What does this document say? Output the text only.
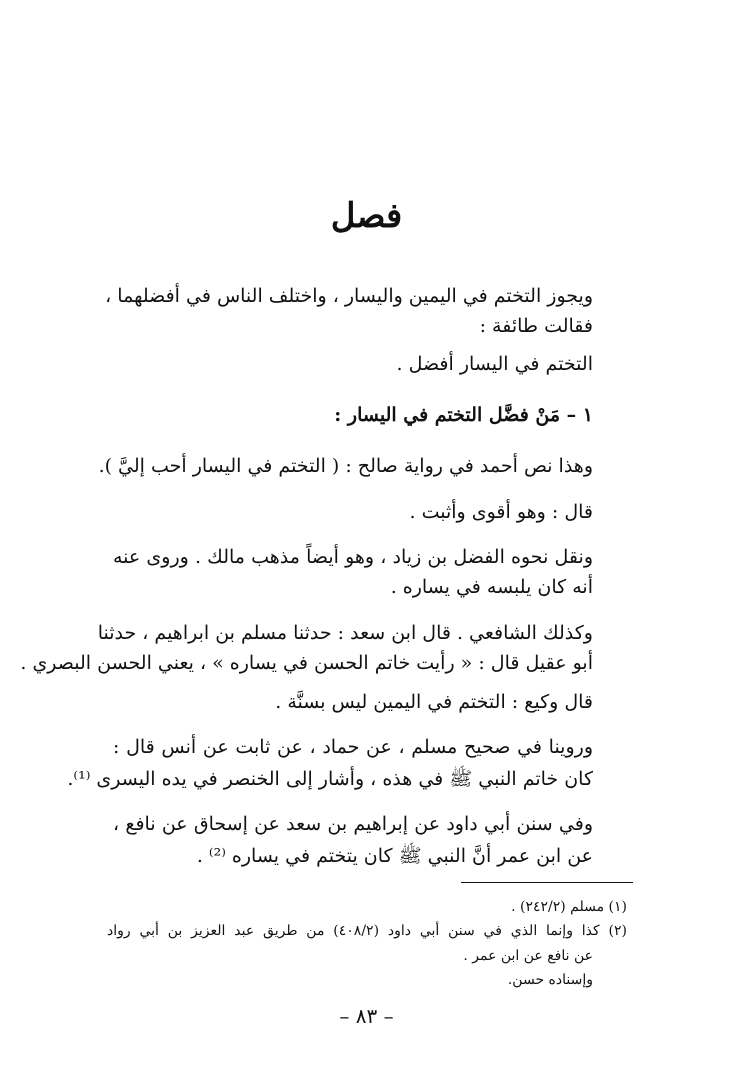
فصل
ويجوز التختم في اليمين واليسار ، واختلف الناس في أفضلهما ،
فقالت طائفة :
التختم في اليسار أفضل .
١ – مَنْ فضَّل التختم في اليسار :
وهذا نص أحمد في رواية صالح : ( التختم في اليسار أحب إليَّ ).
قال : وهو أقوى وأثبت .
ونقل نحوه الفضل بن زياد ، وهو أيضاً مذهب مالك . وروى عنه
أنه كان يلبسه في يساره .
وكذلك الشافعي . قال ابن سعد : حدثنا مسلم بن ابراهيم ، حدثنا
أبو عقيل قال : « رأيت خاتم الحسن في يساره » ، يعني الحسن البصري .
قال وكيع : التختم في اليمين ليس بسنَّة .
وروينا في صحيح مسلم ، عن حماد ، عن ثابت عن أنس قال :
كان خاتم النبي ﷺ في هذه ، وأشار إلى الخنصر في يده اليسرى ⁽¹⁾.
وفي سنن أبي داود عن إبراهيم بن سعد عن إسحاق عن نافع ،
عن ابن عمر أنَّ النبي ﷺ كان يتختم في يساره ⁽²⁾ .
(١) مسلم (٢٤٢/٢) .
(٢) كذا وإنما الذي في سنن أبي داود (٤٠٨/٢) من طريق عبد العزيز بن أبي رواد
عن نافع عن ابن عمر .
وإسناده حسن.
– ٨٣ –
